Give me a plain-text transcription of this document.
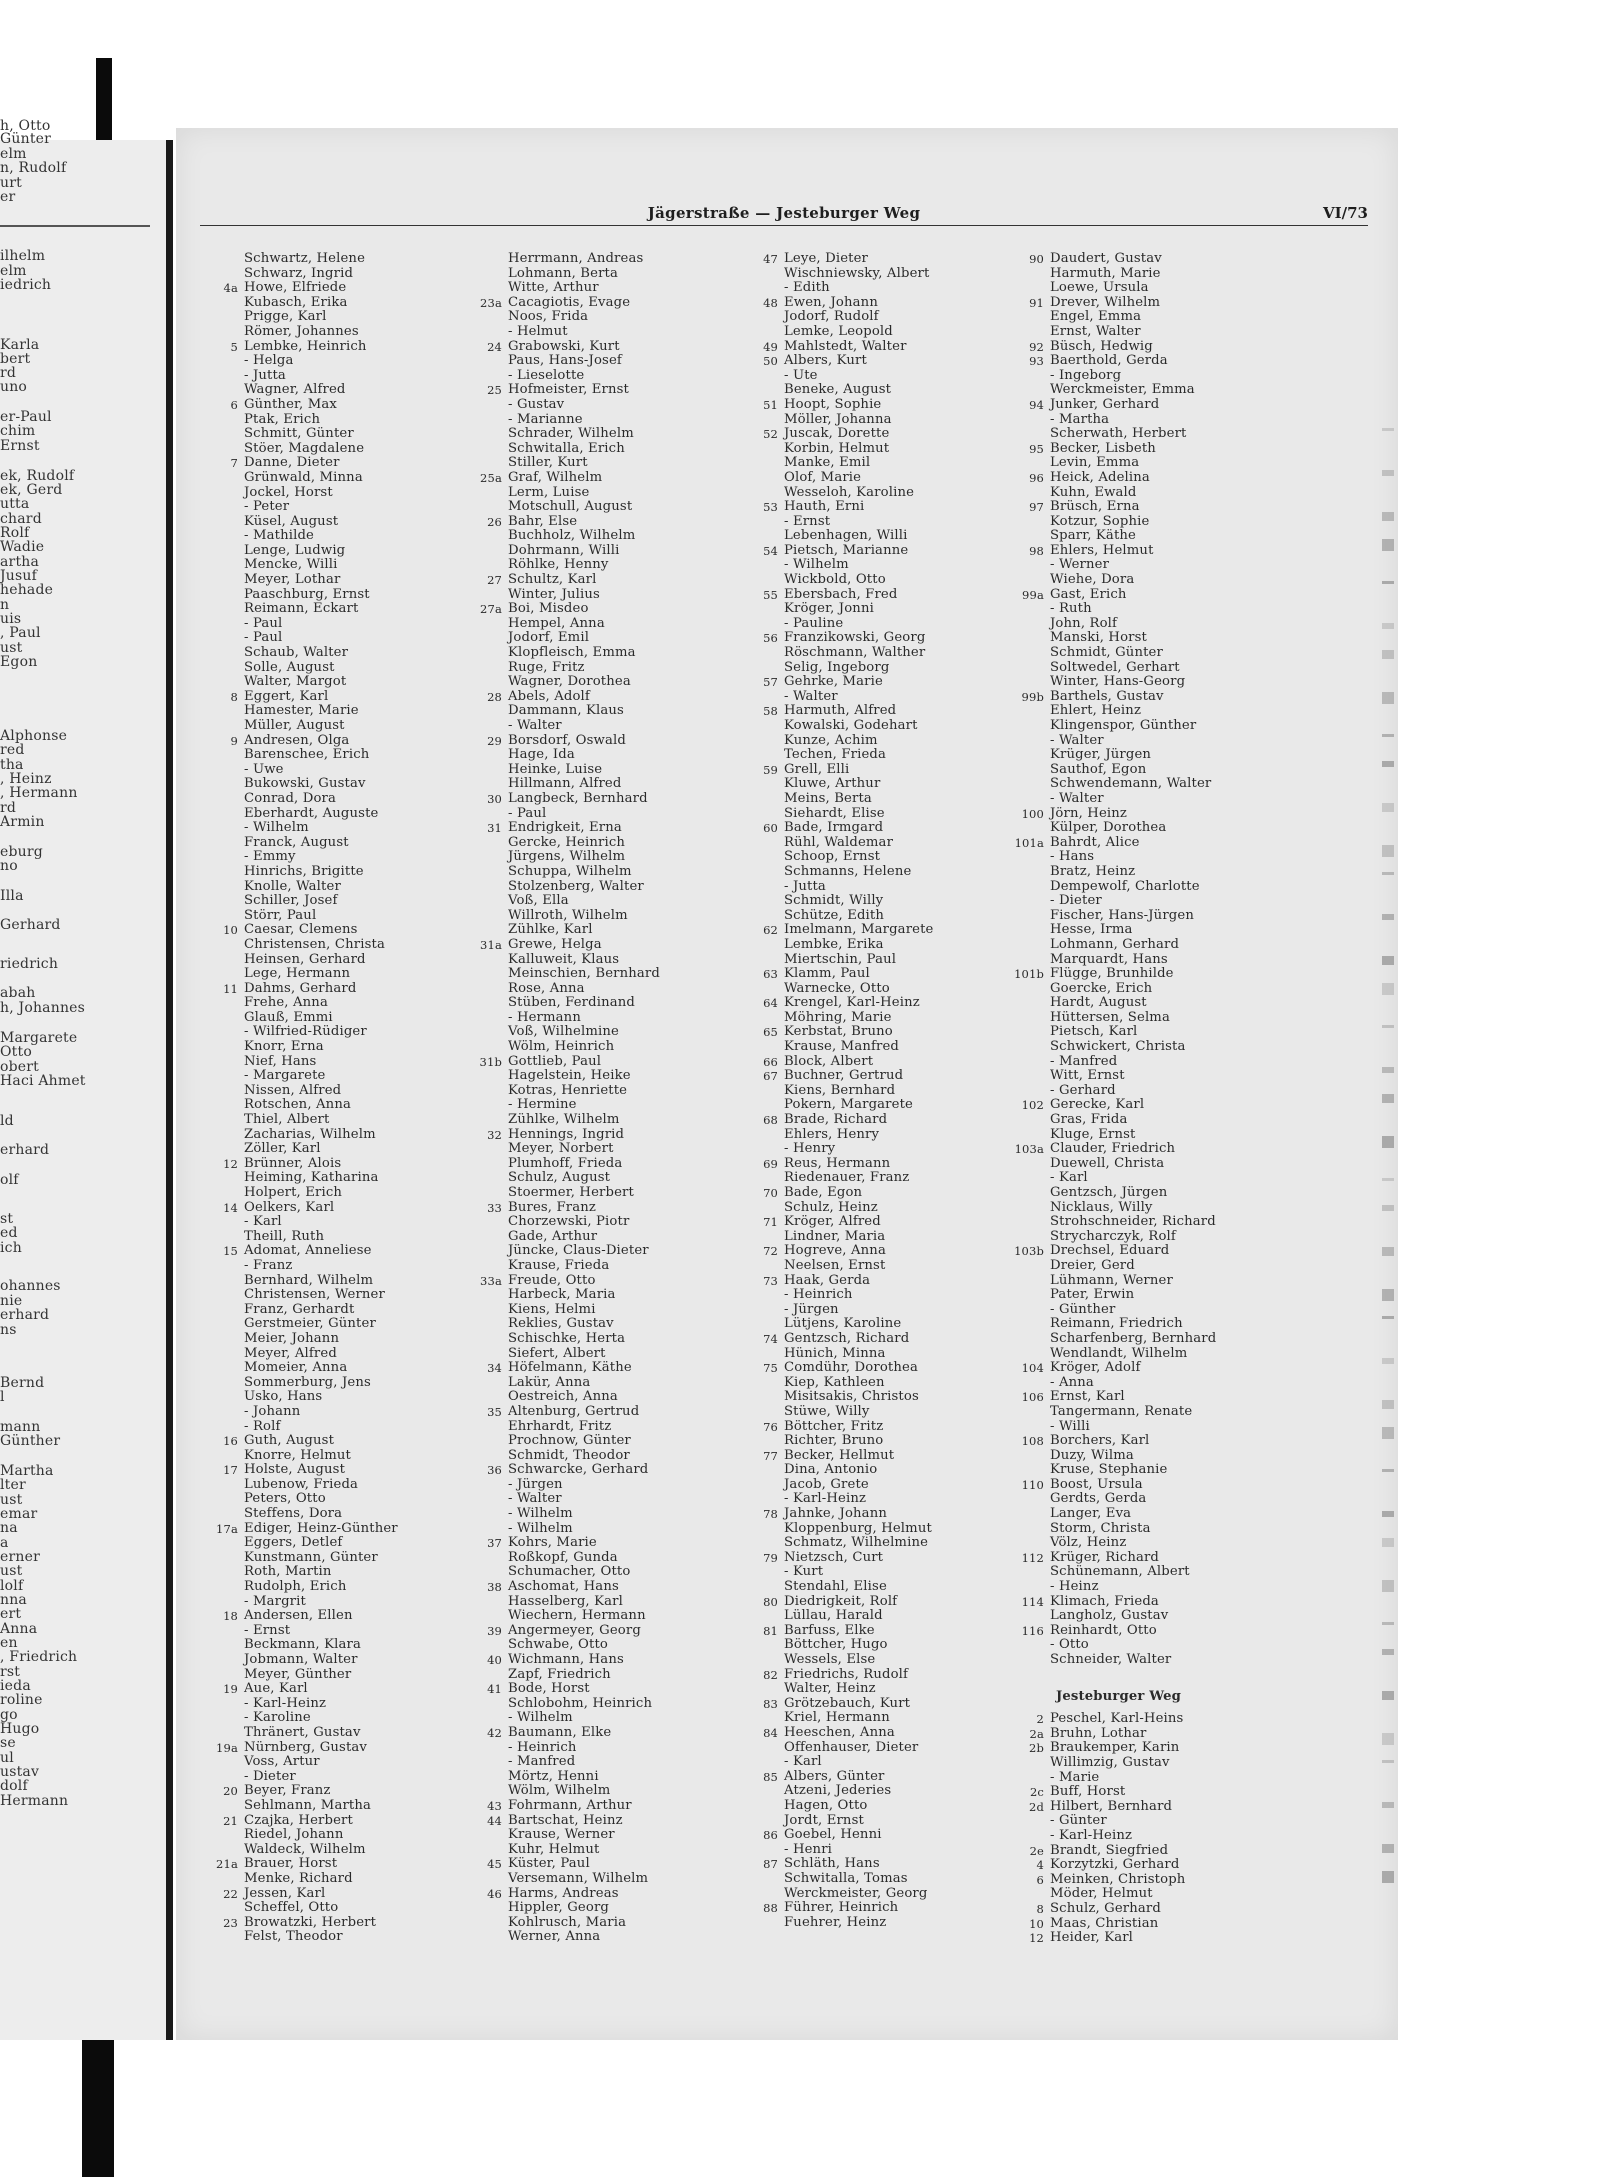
h, Otto
Günter
elm
n, Rudolf
urt
er
ilhelm
elm
iedrich
Karla
bert
rd
uno
er-Paul
chim
Ernst
ek, Rudolf
ek, Gerd
utta
chard
Rolf
Wadie
artha
Jusuf
hehade
n
uis
, Paul
ust
Egon
Alphonse
red
tha
, Heinz
, Hermann
rd
Armin
eburg
no
Illa
Gerhard
riedrich
abah
h, Johannes
Margarete
Otto
obert
Haci Ahmet
ld
erhard
olf
st
ed
ich
ohannes
nie
erhard
ns
Bernd
l
mann
Günther
Martha
lter
ust
emar
na
a
erner
ust
lolf
nna
ert
Anna
en
, Friedrich
rst
ieda
roline
go
Hugo
se
ul
ustav
dolf
Hermann
Jägerstraße — Jesteburger Weg	VI/73
Schwartz, Helene
Schwarz, Ingrid
4a Howe, Elfriede
Kubasch, Erika
Prigge, Karl
Römer, Johannes
5 Lembke, Heinrich
- Helga
- Jutta
Wagner, Alfred
6 Günther, Max
Ptak, Erich
Schmitt, Günter
Stöer, Magdalene
7 Danne, Dieter
Grünwald, Minna
Jockel, Horst
- Peter
Küsel, August
- Mathilde
Lenge, Ludwig
Mencke, Willi
Meyer, Lothar
Paaschburg, Ernst
Reimann, Eckart
- Paul
- Paul
Schaub, Walter
Solle, August
Walter, Margot
8 Eggert, Karl
Hamester, Marie
Müller, August
9 Andresen, Olga
Barenschee, Erich
- Uwe
Bukowski, Gustav
Conrad, Dora
Eberhardt, Auguste
- Wilhelm
Franck, August
- Emmy
Hinrichs, Brigitte
Knolle, Walter
Schiller, Josef
Störr, Paul
10 Caesar, Clemens
Christensen, Christa
Heinsen, Gerhard
Lege, Hermann
11 Dahms, Gerhard
Frehe, Anna
Glauß, Emmi
- Wilfried-Rüdiger
Knorr, Erna
Nief, Hans
- Margarete
Nissen, Alfred
Rotschen, Anna
Thiel, Albert
Zacharias, Wilhelm
Zöller, Karl
12 Brünner, Alois
Heiming, Katharina
Holpert, Erich
14 Oelkers, Karl
- Karl
Theill, Ruth
15 Adomat, Anneliese
- Franz
Bernhard, Wilhelm
Christensen, Werner
Franz, Gerhardt
Gerstmeier, Günter
Meier, Johann
Meyer, Alfred
Momeier, Anna
Sommerburg, Jens
Usko, Hans
- Johann
- Rolf
16 Guth, August
Knorre, Helmut
17 Holste, August
Lubenow, Frieda
Peters, Otto
Steffens, Dora
17a Ediger, Heinz-Günther
Eggers, Detlef
Kunstmann, Günter
Roth, Martin
Rudolph, Erich
- Margrit
18 Andersen, Ellen
- Ernst
Beckmann, Klara
Jobmann, Walter
Meyer, Günther
19 Aue, Karl
- Karl-Heinz
- Karoline
Thränert, Gustav
19a Nürnberg, Gustav
Voss, Artur
- Dieter
20 Beyer, Franz
Sehlmann, Martha
21 Czajka, Herbert
Riedel, Johann
Waldeck, Wilhelm
21a Brauer, Horst
Menke, Richard
22 Jessen, Karl
Scheffel, Otto
23 Browatzki, Herbert
Felst, Theodor
Herrmann, Andreas
Lohmann, Berta
Witte, Arthur
23a Cacagiotis, Evage
Noos, Frida
- Helmut
24 Grabowski, Kurt
Paus, Hans-Josef
- Lieselotte
25 Hofmeister, Ernst
- Gustav
- Marianne
Schrader, Wilhelm
Schwitalla, Erich
Stiller, Kurt
25a Graf, Wilhelm
Lerm, Luise
Motschull, August
26 Bahr, Else
Buchholz, Wilhelm
Dohrmann, Willi
Röhlke, Henny
27 Schultz, Karl
Winter, Julius
27a Boi, Misdeo
Hempel, Anna
Jodorf, Emil
Klopfleisch, Emma
Ruge, Fritz
Wagner, Dorothea
28 Abels, Adolf
Dammann, Klaus
- Walter
29 Borsdorf, Oswald
Hage, Ida
Heinke, Luise
Hillmann, Alfred
30 Langbeck, Bernhard
- Paul
31 Endrigkeit, Erna
Gercke, Heinrich
Jürgens, Wilhelm
Schuppa, Wilhelm
Stolzenberg, Walter
Voß, Ella
Willroth, Wilhelm
Zühlke, Karl
31a Grewe, Helga
Kalluweit, Klaus
Meinschien, Bernhard
Rose, Anna
Stüben, Ferdinand
- Hermann
Voß, Wilhelmine
Wölm, Heinrich
31b Gottlieb, Paul
Hagelstein, Heike
Kotras, Henriette
- Hermine
Zühlke, Wilhelm
32 Hennings, Ingrid
Meyer, Norbert
Plumhoff, Frieda
Schulz, August
Stoermer, Herbert
33 Bures, Franz
Chorzewski, Piotr
Gade, Arthur
Jüncke, Claus-Dieter
Krause, Frieda
33a Freude, Otto
Harbeck, Maria
Kiens, Helmi
Reklies, Gustav
Schischke, Herta
Siefert, Albert
34 Höfelmann, Käthe
Lakür, Anna
Oestreich, Anna
35 Altenburg, Gertrud
Ehrhardt, Fritz
Prochnow, Günter
Schmidt, Theodor
36 Schwarcke, Gerhard
- Jürgen
- Walter
- Wilhelm
- Wilhelm
37 Kohrs, Marie
Roßkopf, Gunda
Schumacher, Otto
38 Aschomat, Hans
Hasselberg, Karl
Wiechern, Hermann
39 Angermeyer, Georg
Schwabe, Otto
40 Wichmann, Hans
Zapf, Friedrich
41 Bode, Horst
Schlobohm, Heinrich
- Wilhelm
42 Baumann, Elke
- Heinrich
- Manfred
Mörtz, Henni
Wölm, Wilhelm
43 Fohrmann, Arthur
44 Bartschat, Heinz
Krause, Werner
Kuhr, Helmut
45 Küster, Paul
Versemann, Wilhelm
46 Harms, Andreas
Hippler, Georg
Kohlrusch, Maria
Werner, Anna
47 Leye, Dieter
Wischniewsky, Albert
- Edith
48 Ewen, Johann
Jodorf, Rudolf
Lemke, Leopold
49 Mahlstedt, Walter
50 Albers, Kurt
- Ute
Beneke, August
51 Hoopt, Sophie
Möller, Johanna
52 Juscak, Dorette
Korbin, Helmut
Manke, Emil
Olof, Marie
Wesseloh, Karoline
53 Hauth, Erni
- Ernst
Lebenhagen, Willi
54 Pietsch, Marianne
- Wilhelm
Wickbold, Otto
55 Ebersbach, Fred
Kröger, Jonni
- Pauline
56 Franzikowski, Georg
Röschmann, Walther
Selig, Ingeborg
57 Gehrke, Marie
- Walter
58 Harmuth, Alfred
Kowalski, Godehart
Kunze, Achim
Techen, Frieda
59 Grell, Elli
Kluwe, Arthur
Meins, Berta
Siehardt, Elise
60 Bade, Irmgard
Rühl, Waldemar
Schoop, Ernst
Schmanns, Helene
- Jutta
Schmidt, Willy
Schütze, Edith
62 Imelmann, Margarete
Lembke, Erika
Miertschin, Paul
63 Klamm, Paul
Warnecke, Otto
64 Krengel, Karl-Heinz
Möhring, Marie
65 Kerbstat, Bruno
Krause, Manfred
66 Block, Albert
67 Buchner, Gertrud
Kiens, Bernhard
Pokern, Margarete
68 Brade, Richard
Ehlers, Henry
- Henry
69 Reus, Hermann
Riedenauer, Franz
70 Bade, Egon
Schulz, Heinz
71 Kröger, Alfred
Lindner, Maria
72 Hogreve, Anna
Neelsen, Ernst
73 Haak, Gerda
- Heinrich
- Jürgen
Lütjens, Karoline
74 Gentzsch, Richard
Hünich, Minna
75 Comdühr, Dorothea
Kiep, Kathleen
Misitsakis, Christos
Stüwe, Willy
76 Böttcher, Fritz
Richter, Bruno
77 Becker, Hellmut
Dina, Antonio
Jacob, Grete
- Karl-Heinz
78 Jahnke, Johann
Kloppenburg, Helmut
Schmatz, Wilhelmine
79 Nietzsch, Curt
- Kurt
Stendahl, Elise
80 Diedrigkeit, Rolf
Lüllau, Harald
81 Barfuss, Elke
Böttcher, Hugo
Wessels, Else
82 Friedrichs, Rudolf
Walter, Heinz
83 Grötzebauch, Kurt
Kriel, Hermann
84 Heeschen, Anna
Offenhauser, Dieter
- Karl
85 Albers, Günter
Atzeni, Jederies
Hagen, Otto
Jordt, Ernst
86 Goebel, Henni
- Henri
87 Schläth, Hans
Schwitalla, Tomas
Werckmeister, Georg
88 Führer, Heinrich
Fuehrer, Heinz
90 Daudert, Gustav
Harmuth, Marie
Loewe, Ursula
91 Drever, Wilhelm
Engel, Emma
Ernst, Walter
92 Büsch, Hedwig
93 Baerthold, Gerda
- Ingeborg
Werckmeister, Emma
94 Junker, Gerhard
- Martha
Scherwath, Herbert
95 Becker, Lisbeth
Levin, Emma
96 Heick, Adelina
Kuhn, Ewald
97 Brüsch, Erna
Kotzur, Sophie
Sparr, Käthe
98 Ehlers, Helmut
- Werner
Wiehe, Dora
99a Gast, Erich
- Ruth
John, Rolf
Manski, Horst
Schmidt, Günter
Soltwedel, Gerhart
Winter, Hans-Georg
99b Barthels, Gustav
Ehlert, Heinz
Klingenspor, Günther
- Walter
Krüger, Jürgen
Sauthof, Egon
Schwendemann, Walter
- Walter
100 Jörn, Heinz
Külper, Dorothea
101a Bahrdt, Alice
- Hans
Bratz, Heinz
Dempewolf, Charlotte
- Dieter
Fischer, Hans-Jürgen
Hesse, Irma
Lohmann, Gerhard
Marquardt, Hans
101b Flügge, Brunhilde
Goercke, Erich
Hardt, August
Hüttersen, Selma
Pietsch, Karl
Schwickert, Christa
- Manfred
Witt, Ernst
- Gerhard
102 Gerecke, Karl
Gras, Frida
Kluge, Ernst
103a Clauder, Friedrich
Duewell, Christa
- Karl
Gentzsch, Jürgen
Nicklaus, Willy
Strohschneider, Richard
Strycharczyk, Rolf
103b Drechsel, Eduard
Dreier, Gerd
Lühmann, Werner
Pater, Erwin
- Günther
Reimann, Friedrich
Scharfenberg, Bernhard
Wendlandt, Wilhelm
104 Kröger, Adolf
- Anna
106 Ernst, Karl
Tangermann, Renate
- Willi
108 Borchers, Karl
Duzy, Wilma
Kruse, Stephanie
110 Boost, Ursula
Gerdts, Gerda
Langer, Eva
Storm, Christa
Völz, Heinz
112 Krüger, Richard
Schünemann, Albert
- Heinz
114 Klimach, Frieda
Langholz, Gustav
116 Reinhardt, Otto
- Otto
Schneider, Walter
Jesteburger Weg
2 Peschel, Karl-Heins
2a Bruhn, Lothar
2b Braukemper, Karin
Willimzig, Gustav
- Marie
2c Buff, Horst
2d Hilbert, Bernhard
- Günter
- Karl-Heinz
2e Brandt, Siegfried
4 Korzytzki, Gerhard
6 Meinken, Christoph
Möder, Helmut
8 Schulz, Gerhard
10 Maas, Christian
12 Heider, Karl
